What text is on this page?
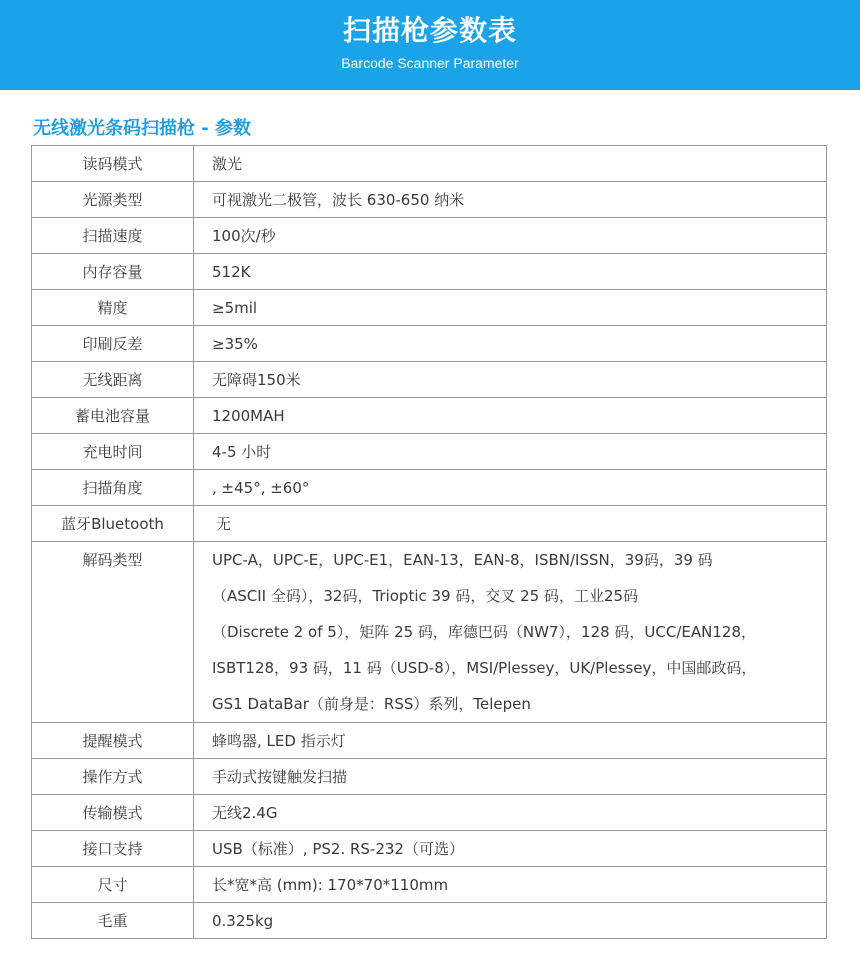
扫描枪参数表
Barcode Scanner Parameter
无线激光条码扫描枪 - 参数
读码模式	激光
光源类型	可视激光二极管，波长 630-650 纳米
扫描速度	100次/秒
内存容量	512K
精度	≥5mil
印刷反差	≥35%
无线距离	无障碍150米
蓄电池容量	1200MAH
充电时间	4-5 小时
扫描角度	, ±45°, ±60°
蓝牙Bluetooth	无
解码类型	UPC-A，UPC-E，UPC-E1，EAN-13，EAN-8，ISBN/ISSN，39码，39 码
（ASCII 全码），32码，Trioptic 39 码，交叉 25 码，工业25码
（Discrete 2 of 5），矩阵 25 码，库德巴码（NW7），128 码，UCC/EAN128，
ISBT128，93 码，11 码（USD-8），MSI/Plessey，UK/Plessey，中国邮政码，
GS1 DataBar（前身是：RSS）系列，Telepen

提醒模式	蜂鸣器, LED 指示灯
操作方式	手动式按键触发扫描
传输模式	无线2.4G
接口支持	USB（标准）, PS2. RS-232（可选）
尺寸	长*宽*高 (mm): 170*70*110mm
毛重	0.325kg
